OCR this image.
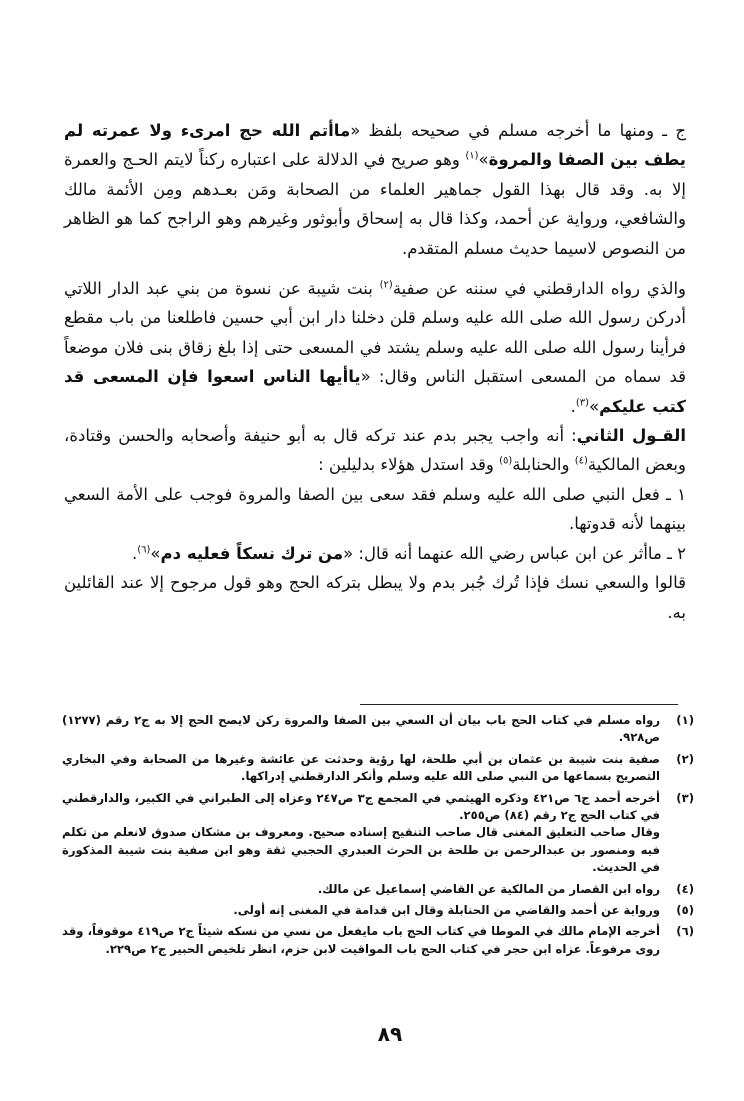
ج ـ ومنها ما أخرجه مسلم في صحيحه بلفظ «ماأتم الله حج امرىء ولا عمرته لم يطف بين الصفا والمروة»$^{(١)}$ وهو صريح في الدلالة على اعتباره ركناً لايتم الحـج والعمرة إلا به. وقد قال بهذا القول جماهير العلماء من الصحابة ومَن بعـدهم ومِن الأئمة مالك والشافعي، ورواية عن أحمد، وكذا قال به إسحاق وأبوثور وغيرهم وهو الراجح كما هو الظاهر من النصوص لاسيما حديث مسلم المتقدم.

والذي رواه الدارقطني في سننه عن صفية$^{(٢)}$ بنت شيبة عن نسوة من بني عبد الدار اللاتي أدركن رسول الله صلى الله عليه وسلم قلن دخلنا دار ابن أبي حسين فاطلعنا من باب مقطع فرأينا رسول الله صلى الله عليه وسلم يشتد في المسعى حتى إذا بلغ زقاق بنى فلان موضعاً قد سماه من المسعى استقبل الناس وقال: «ياأيها الناس اسعوا فإن المسعى قد كتب عليكم»$^{(٣)}$.

القـول الثاني: أنه واجب يجبر بدم عند تركه قال به أبو حنيفة وأصحابه والحسن وقتادة، وبعض المالكية$^{(٤)}$ والحنابلة$^{(٥)}$ وقد استدل هؤلاء بدليلين :

١ ـ فعل النبي صلى الله عليه وسلم فقد سعى بين الصفا والمروة فوجب على الأمة السعي بينهما لأنه قدوتها.

٢ ـ ماأثر عن ابن عباس رضي الله عنهما أنه قال: «من ترك نسكاً فعليه دم»$^{(٦)}$.

قالوا والسعي نسك فإذا تُرك جُبر بدم ولا يبطل بتركه الحج وهو قول مرجوح إلا عند القائلين به.

(١)

رواه مسلم في كتاب الحج باب بيان أن السعي بين الصفا والمروة ركن لايصح الحج إلا به ج٢ رقم (١٢٧٧) ص٩٢٨.

(٢)

صفية بنت شيبة بن عثمان بن أبي طلحة، لها رؤية وحدثت عن عائشة وغيرها من الصحابة وفي البخاري التصريح بسماعها من النبي صلى الله عليه وسلم وأنكر الدارقطني إدراكها.

(٣)

أخرجه أحمد ج٦ ص٤٢١ وذكره الهيثمي في المجمع ج٣ ص٢٤٧ وعزاه إلى الطبراني في الكبير، والدارقطني في كتاب الحج ج٢ رقم (٨٤) ص٢٥٥.

وقال صاحب التعليق المغنى قال صاحب التنقيح إسناده صحيح. ومعروف بن مشكان صدوق لانعلم من تكلم فيه ومنصور بن عبدالرحمن بن طلحة بن الحرث العبدري الحجبي ثقة وهو ابن صفية بنت شيبة المذكورة في الحديث.

(٤)

رواه ابن القصار من المالكية عن القاضي إسماعيل عن مالك.

(٥)

ورواية عن أحمد والقاضي من الحنابلة وقال ابن قدامة في المغنى إنه أولى.

(٦)

أخرجه الإمام مالك في الموطا في كتاب الحج باب مايفعل من نسي من نسكه شيئاً ج٢ ص٤١٩ موقوفاً، وقد روى مرفوعاً. عزاه ابن حجر في كتاب الحج باب المواقيت لابن حزم، انظر تلخيص الحبير ج٢ ص٢٢٩.

٨٩
